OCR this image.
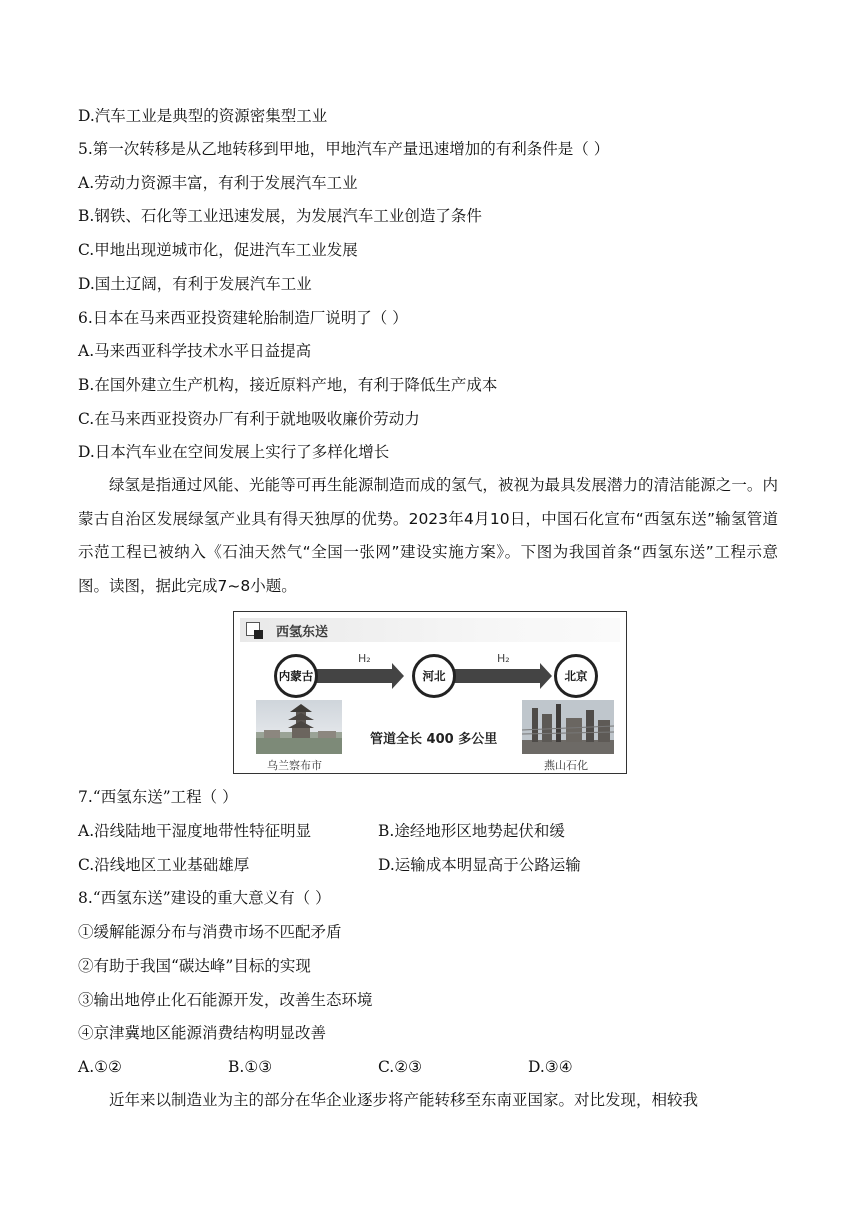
D.汽车工业是典型的资源密集型工业
5.第一次转移是从乙地转移到甲地，甲地汽车产量迅速增加的有利条件是（ ）
A.劳动力资源丰富，有利于发展汽车工业
B.钢铁、石化等工业迅速发展，为发展汽车工业创造了条件
C.甲地出现逆城市化，促进汽车工业发展
D.国土辽阔，有利于发展汽车工业
6.日本在马来西亚投资建轮胎制造厂说明了（ ）
A.马来西亚科学技术水平日益提高
B.在国外建立生产机构，接近原料产地，有利于降低生产成本
C.在马来西亚投资办厂有利于就地吸收廉价劳动力
D.日本汽车业在空间发展上实行了多样化增长
绿氢是指通过风能、光能等可再生能源制造而成的氢气，被视为最具发展潜力的清洁能源之一。内蒙古自治区发展绿氢产业具有得天独厚的优势。2023年4月10日，中国石化宣布“西氢东送”输氢管道示范工程已被纳入《石油天然气“全国一张网”建设实施方案》。下图为我国首条“西氢东送”工程示意图。读图，据此完成7~8小题。
西氢东送
H₂	H₂
内蒙古	河北	北京
管道全长 400 多公里
乌兰察布市	燕山石化
7.“西氢东送”工程（ ）
A.沿线陆地干湿度地带性特征明显	B.途经地形区地势起伏和缓
C.沿线地区工业基础雄厚	D.运输成本明显高于公路运输
8.“西氢东送”建设的重大意义有（ ）
①缓解能源分布与消费市场不匹配矛盾
②有助于我国“碳达峰”目标的实现
③输出地停止化石能源开发，改善生态环境
④京津冀地区能源消费结构明显改善
A.①②	B.①③	C.②③	D.③④
近年来以制造业为主的部分在华企业逐步将产能转移至东南亚国家。对比发现，相较我
